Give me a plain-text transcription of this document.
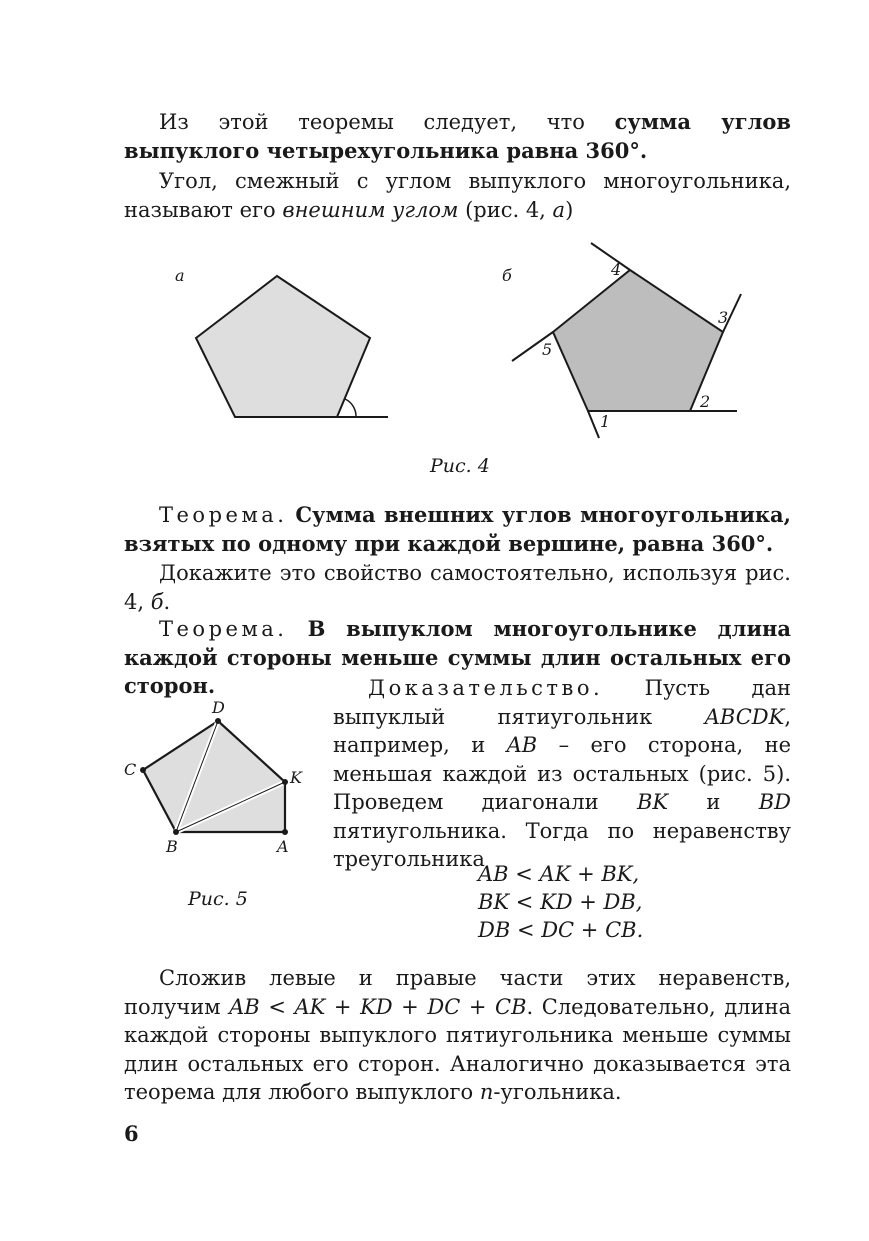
Из этой теоремы следует, что сумма углов выпуклого четырехугольника равна 360°.
Угол, смежный с углом выпуклого многоугольника, называют его внешним углом (рис. 4, а)
а	б
1
2
3
4
5
Рис. 4
Теорема. Сумма внешних углов многоугольника, взятых по одному при каждой вершине, равна 360°.
Докажите это свойство самостоятельно, используя рис. 4, б.
Теорема. В выпуклом многоугольнике длина каждой стороны меньше суммы длин остальных его сторон.	Доказательство. Пусть дан выпуклый пятиугольник ABCDK, например, и AB – его сторона, не меньшая каждой из остальных (рис. 5). Проведем диагонали BK и BD пятиугольника. Тогда по неравенству треугольника
D
C	K
B	A
Рис. 5
AB < AK + BK,
BK < KD + DB,
DB < DC + CB.
Сложив левые и правые части этих неравенств, получим AB < AK + KD + DC + CB. Следовательно, длина каждой стороны выпуклого пятиугольника меньше суммы длин остальных его сторон. Аналогично доказывается эта теорема для любого выпуклого n-угольника.
6
